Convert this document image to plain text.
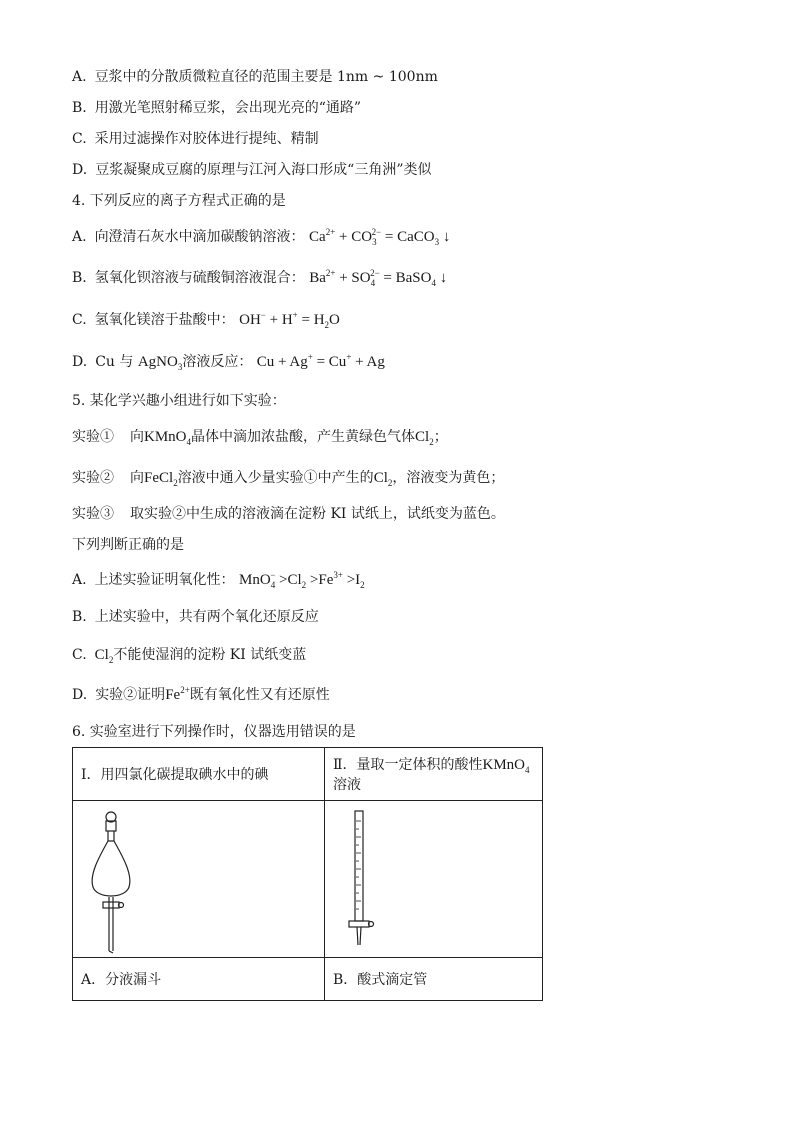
A. 豆浆中的分散质微粒直径的范围主要是 1nm ~ 100nm
B. 用激光笔照射稀豆浆，会出现光亮的“通路”
C. 采用过滤操作对胶体进行提纯、精制
D. 豆浆凝聚成豆腐的原理与江河入海口形成“三角洲”类似
4. 下列反应的离子方程式正确的是
A. 向澄清石灰水中滴加碳酸钠溶液： $Ca^{2+} + CO_3^{2-}$ = CaCO$_3$ ↓
B. 氢氧化钡溶液与硫酸铜溶液混合： $Ba^{2+} + SO_4^{2-}$ = BaSO$_4$ ↓
C. 氢氧化镁溶于盐酸中： $OH^- + H^+ = H_2O$
D. Cu 与 AgNO$_3$溶液反应： Cu + Ag+ = Cu+ + Ag
5. 某化学兴趣小组进行如下实验：
实验① 向KMnO$_4$晶体中滴加浓盐酸，产生黄绿色气体$Cl_2$；
实验② 向FeCl$_2$溶液中通入少量实验①中产生的$Cl_2$，溶液变为黄色；
实验③ 取实验②中生成的溶液滴在淀粉 KI 试纸上，试纸变为蓝色。
下列判断正确的是
A. 上述实验证明氧化性： $MnO_4^- >Cl_2 >Fe^{3+} >I_2$
B. 上述实验中，共有两个氧化还原反应
C. $Cl_2$不能使湿润的淀粉 KI 试纸变蓝
D. 实验②证明$Fe^{2+}$既有氧化性又有还原性
6. 实验室进行下列操作时，仪器选用错误的是
Ⅰ．用四氯化碳提取碘水中的碘	Ⅱ．量取一定体积的酸性KMnO$_4$溶液

A．分液漏斗	B．酸式滴定管
